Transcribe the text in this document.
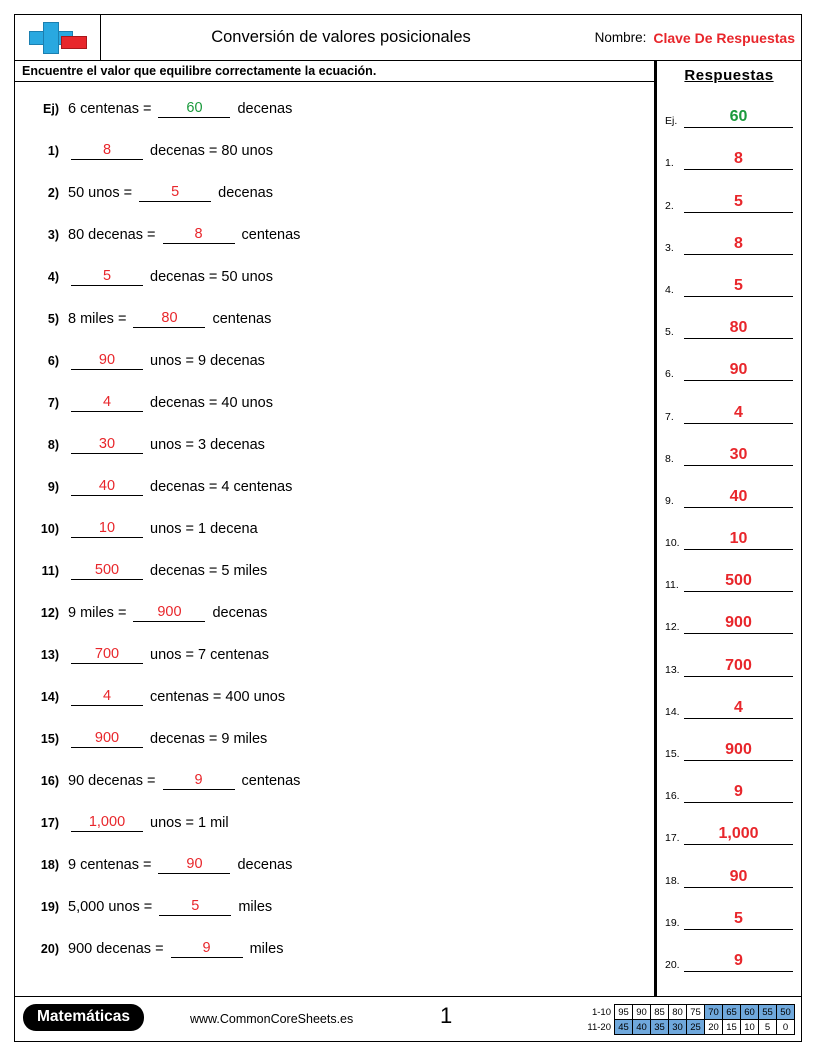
Conversión de valores posicionales	Nombre: Clave De Respuestas
Encuentre el valor que equilibre correctamente la ecuación.
Ej) 6 centenas =	60	decenas
1)	8	decenas = 80 unos
2) 50 unos =	5	decenas
3) 80 decenas =	8	centenas
4)	5	decenas = 50 unos
5) 8 miles =	80	centenas
6)	90	unos = 9 decenas
7)	4	decenas = 40 unos
8)	30	unos = 3 decenas
9)	40	decenas = 4 centenas
10)	10	unos = 1 decena
11)	500	decenas = 5 miles
12) 9 miles =	900	decenas
13)	700	unos = 7 centenas
14)	4	centenas = 400 unos
15)	900	decenas = 9 miles
16) 90 decenas =	9	centenas
17)	1,000	unos = 1 mil
18) 9 centenas =	90	decenas
19) 5,000 unos =	5	miles
20) 900 decenas =	9	miles
Respuestas
Ej.	60
1.	8
2.	5
3.	8
4.	5
5.	80
6.	90
7.	4
8.	30
9.	40
10.	10
11.	500
12.	900
13.	700
14.	4
15.	900
16.	9
17.	1,000
18.	90
19.	5
20.	9
Matemáticas	www.CommonCoreSheets.es	1	1-10	95	90	85	80	75	70	65	60	55	50
11-20	45	40	35	30	25	20	15	10	5	0
